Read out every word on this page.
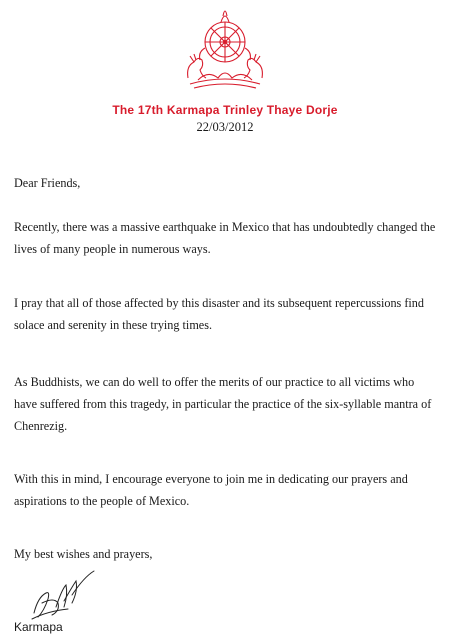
The 17th Karmapa Trinley Thaye Dorje
22/03/2012

Dear Friends,

Recently, there was a massive earthquake in Mexico that has undoubtedly changed the lives of many people in numerous ways.

I pray that all of those affected by this disaster and its subsequent repercussions find solace and serenity in these trying times.

As Buddhists, we can do well to offer the merits of our practice to all victims who have suffered from this tragedy, in particular the practice of the six-syllable mantra of Chenrezig.

With this in mind, I encourage everyone to join me in dedicating our prayers and aspirations to the people of Mexico.

My best wishes and prayers,

Karmapa
